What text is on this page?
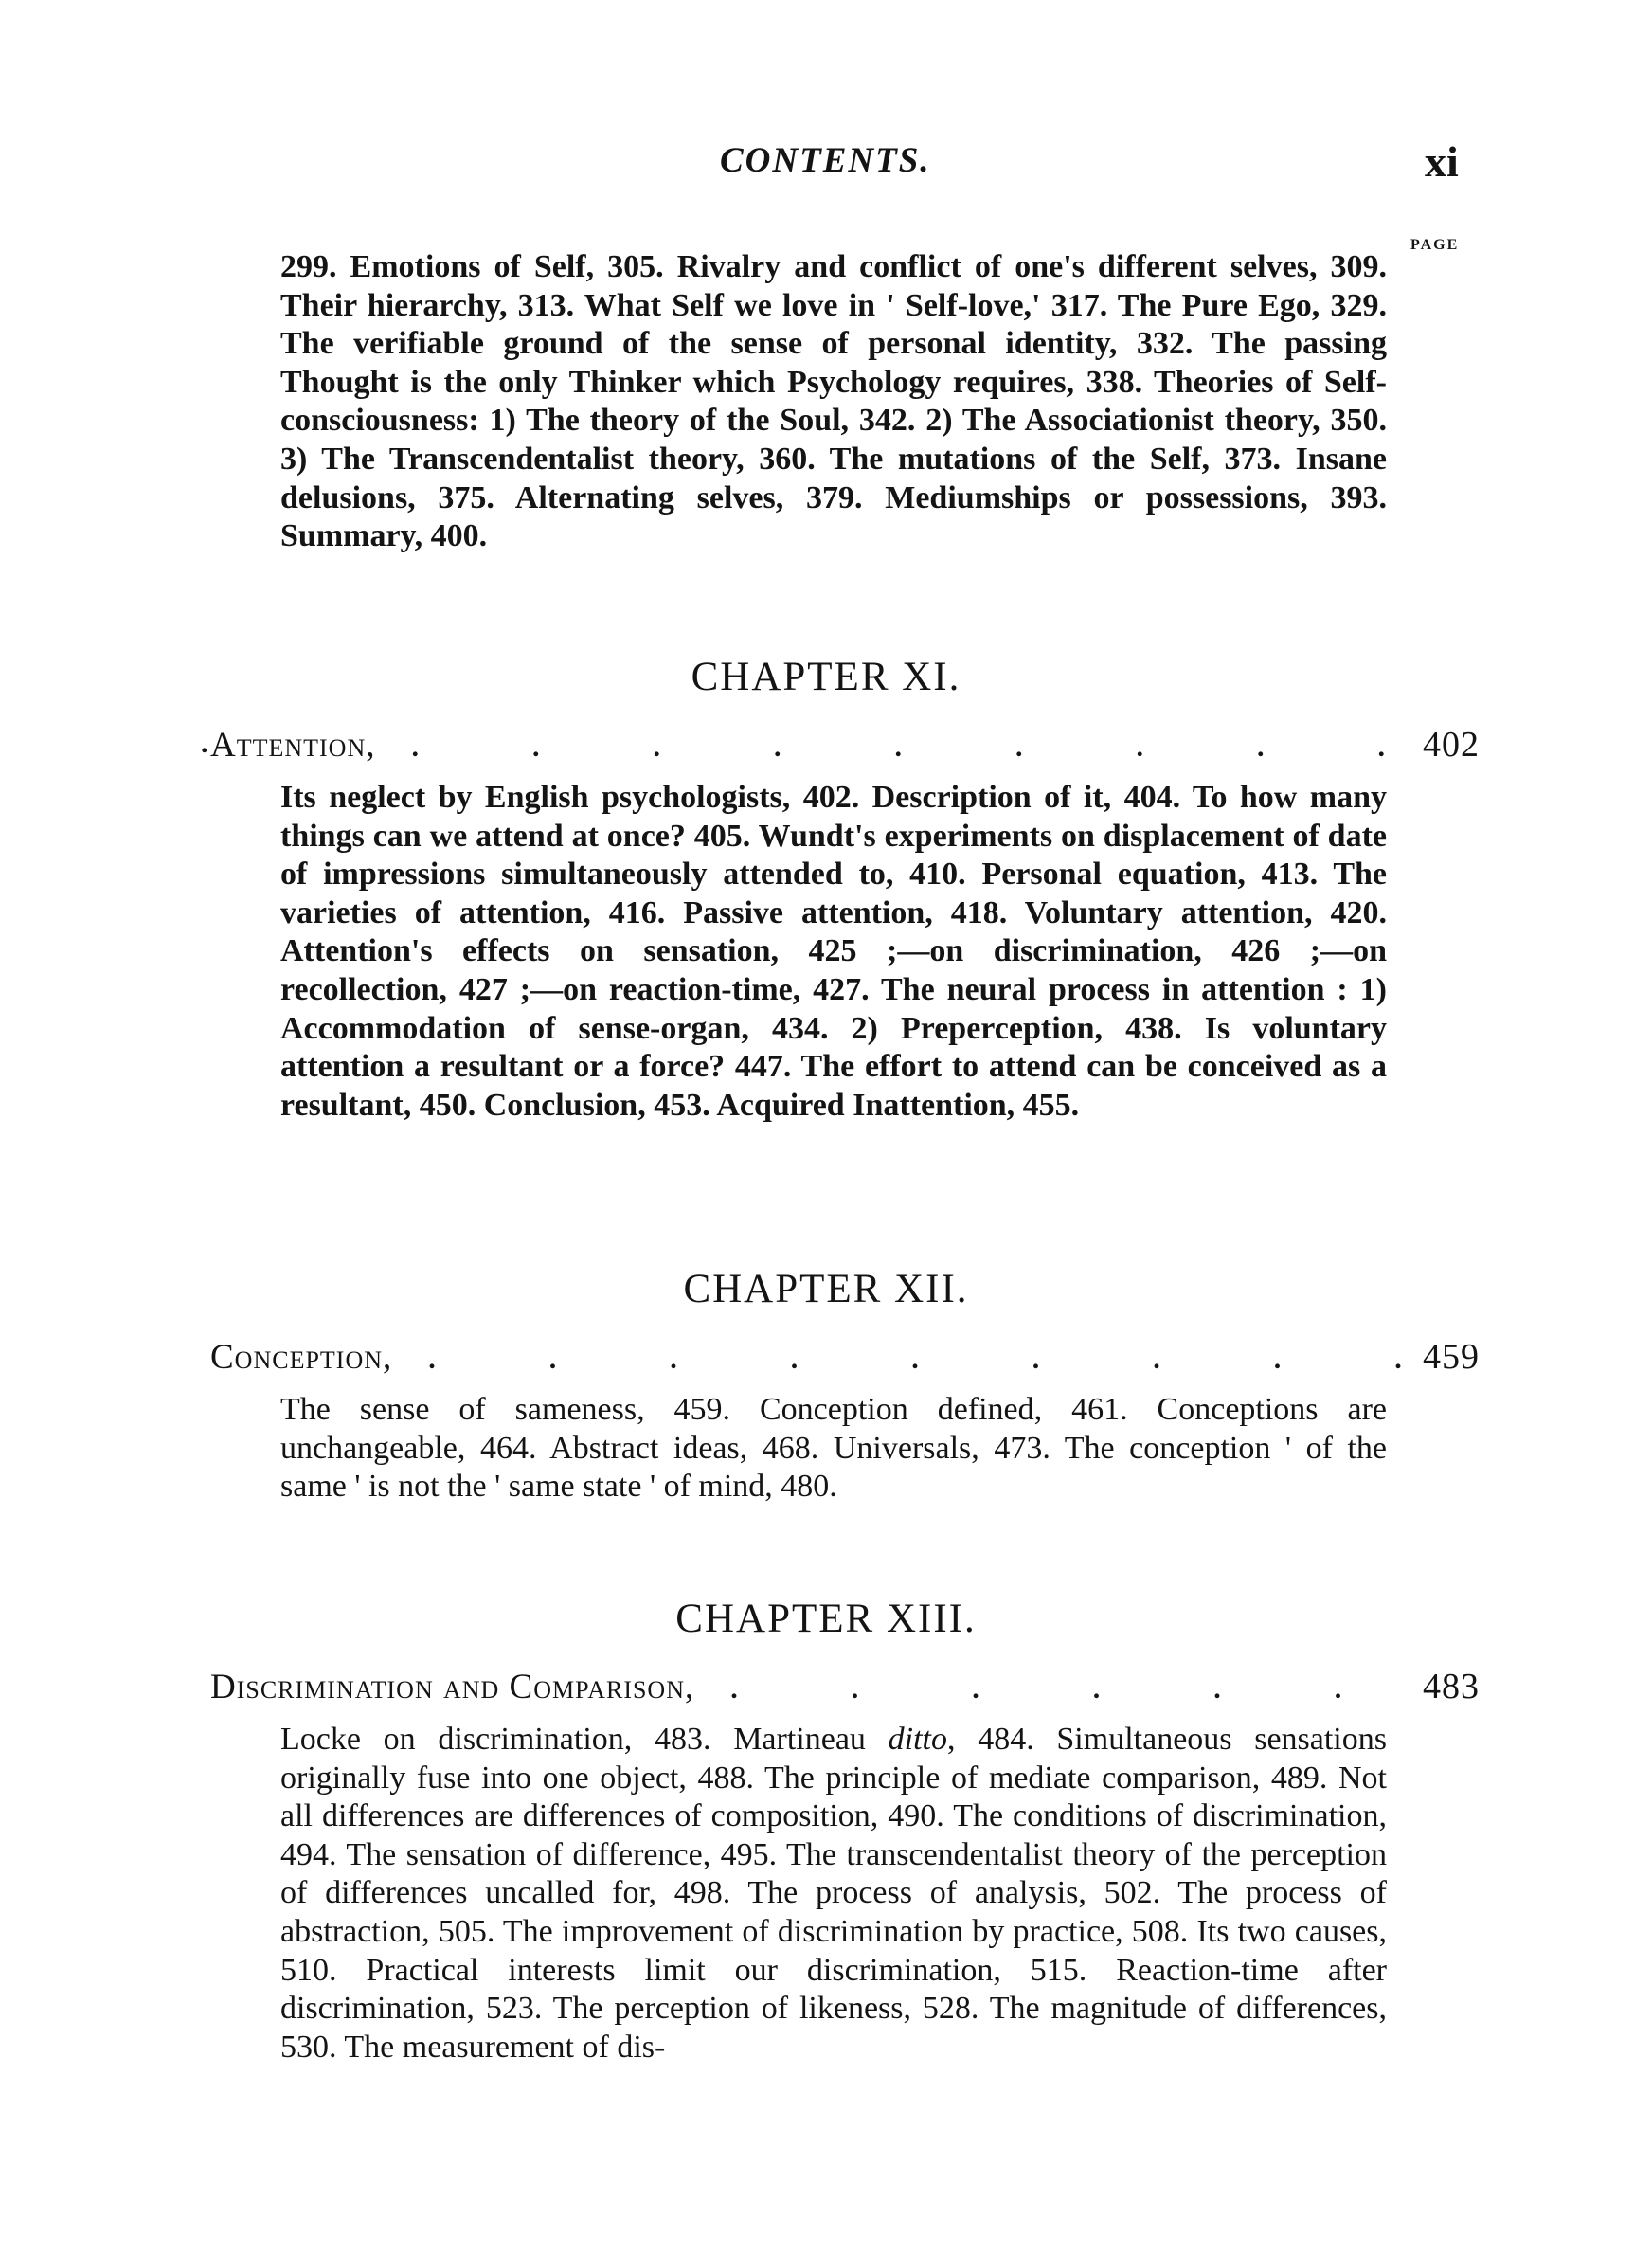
CONTENTS.	xi
PAGE

299. Emotions of Self, 305. Rivalry and conflict of one's different selves, 309. Their hierarchy, 313. What Self we love in ' Self-love,' 317. The Pure Ego, 329. The verifiable ground of the sense of personal identity, 332. The passing Thought is the only Thinker which Psychology requires, 338. Theories of Self-consciousness: 1) The theory of the Soul, 342. 2) The Associationist theory, 350. 3) The Transcendentalist theory, 360. The mutations of the Self, 373. Insane delusions, 375. Alternating selves, 379. Mediumships or possessions, 393. Summary, 400.

CHAPTER XI.
. Attention, .    	402

Its neglect by English psychologists, 402. Description of it, 404. To how many things can we attend at once? 405. Wundt's experiments on displacement of date of impressions simultaneously attended to, 410. Personal equation, 413. The varieties of attention, 416. Passive attention, 418. Voluntary attention, 420. Attention's effects on sensation, 425 ;—on discrimination, 426 ;—on recollection, 427 ;—on reaction-time, 427. The neural process in attention : 1) Accommodation of sense-organ, 434. 2) Preperception, 438. Is voluntary attention a resultant or a force? 447. The effort to attend can be conceived as a resultant, 450. Conclusion, 453. Acquired Inattention, 455.

CHAPTER XII.
Conception, .    	459

The sense of sameness, 459. Conception defined, 461. Conceptions are unchangeable, 464. Abstract ideas, 468. Universals, 473. The conception ' of the same ' is not the ' same state ' of mind, 480.

CHAPTER XIII.
Discrimination and Comparison, .    	483

Locke on discrimination, 483. Martineau ditto, 484. Simultaneous sensations originally fuse into one object, 488. The principle of mediate comparison, 489. Not all differences are differences of composition, 490. The conditions of discrimination, 494. The sensation of difference, 495. The transcendentalist theory of the perception of differences uncalled for, 498. The process of analysis, 502. The process of abstraction, 505. The improvement of discrimination by practice, 508. Its two causes, 510. Practical interests limit our discrimination, 515. Reaction-time after discrimination, 523. The perception of likeness, 528. The magnitude of differences, 530. The measurement of dis-
